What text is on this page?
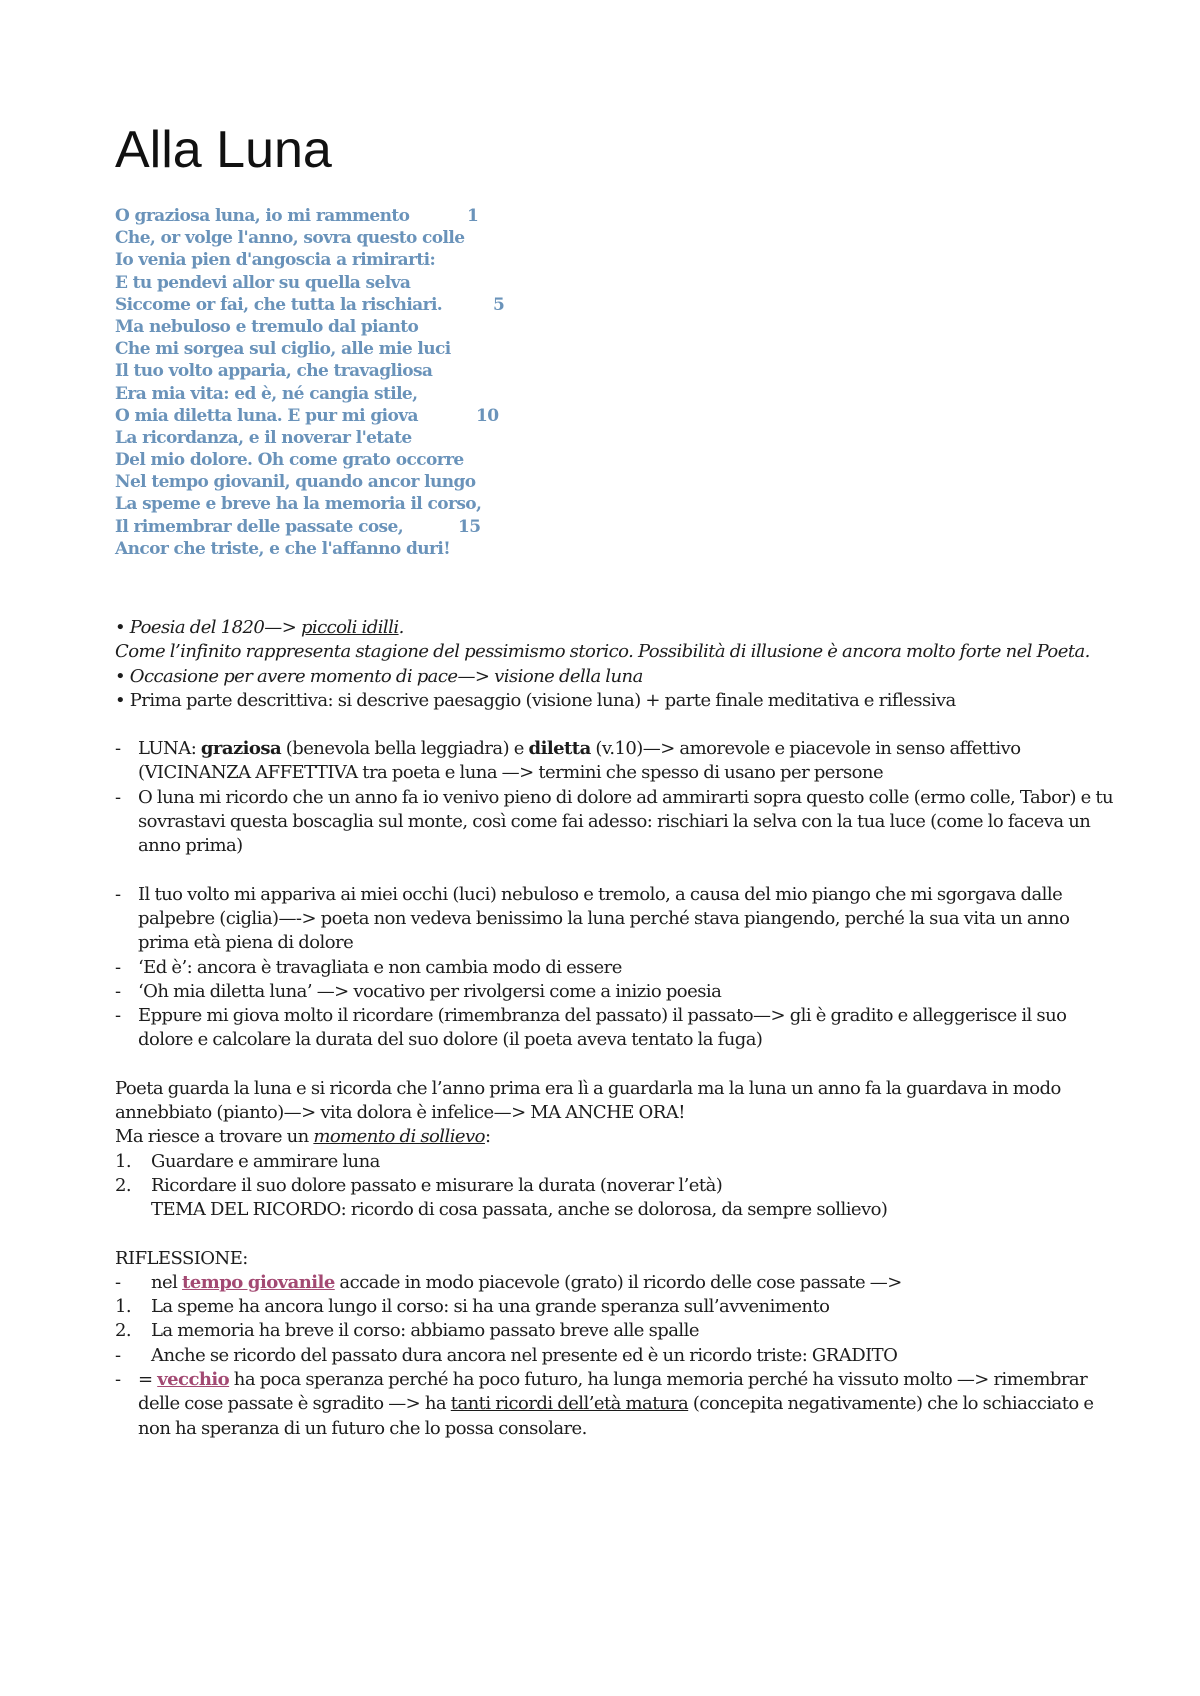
Alla Luna
O graziosa luna, io mi rammento	1
Che, or volge l'anno, sovra questo colle
Io venia pien d'angoscia a rimirarti:
E tu pendevi allor su quella selva
Siccome or fai, che tutta la rischiari.	5
Ma nebuloso e tremulo dal pianto
Che mi sorgea sul ciglio, alle mie luci
Il tuo volto apparia, che travagliosa
Era mia vita: ed è, né cangia stile,
O mia diletta luna. E pur mi giova	10
La ricordanza, e il noverar l'etate
Del mio dolore. Oh come grato occorre
Nel tempo giovanil, quando ancor lungo
La speme e breve ha la memoria il corso,
Il rimembrar delle passate cose,	15
Ancor che triste, e che l'affanno duri!

• Poesia del 1820—> piccoli idilli.

Come l’infinito rappresenta stagione del pessimismo storico. Possibilità di illusione è ancora molto forte nel Poeta.

• Occasione per avere momento di pace—> visione della luna

• Prima parte descrittiva: si descrive paesaggio (visione luna) + parte finale meditativa e riflessiva

- LUNA: graziosa (benevola bella leggiadra) e diletta (v.10)—> amorevole e piacevole in senso affettivo (VICINANZA AFFETTIVA tra poeta e luna —> termini che spesso di usano per persone
- O luna mi ricordo che un anno fa io venivo pieno di dolore ad ammirarti sopra questo colle (ermo colle, Tabor) e tu sovrastavi questa boscaglia sul monte, così come fai adesso: rischiari la selva con la tua luce (come lo faceva un anno prima)
- Il tuo volto mi appariva ai miei occhi (luci) nebuloso e tremolo, a causa del mio piango che mi sgorgava dalle palpebre (ciglia)—-> poeta non vedeva benissimo la luna perché stava piangendo, perché la sua vita un anno prima età piena di dolore
- ‘Ed è’: ancora è travagliata e non cambia modo di essere
- ‘Oh mia diletta luna’ —> vocativo per rivolgersi come a inizio poesia
- Eppure mi giova molto il ricordare (rimembranza del passato) il passato—> gli è gradito e alleggerisce il suo dolore e calcolare la durata del suo dolore (il poeta aveva tentato la fuga)

Poeta guarda la luna e si ricorda che l’anno prima era lì a guardarla ma la luna un anno fa la guardava in modo annebbiato (pianto)—> vita dolora è infelice—> MA ANCHE ORA!

Ma riesce a trovare un momento di sollievo:

1. Guardare e ammirare luna
2. Ricordare il suo dolore passato e misurare la durata (noverar l’età)
TEMA DEL RICORDO: ricordo di cosa passata, anche se dolorosa, da sempre sollievo)

RIFLESSIONE:

- nel tempo giovanile accade in modo piacevole (grato) il ricordo delle cose passate —>
1. La speme ha ancora lungo il corso: si ha una grande speranza sull’avvenimento
2. La memoria ha breve il corso: abbiamo passato breve alle spalle
- Anche se ricordo del passato dura ancora nel presente ed è un ricordo triste: GRADITO
- = vecchio ha poca speranza perché ha poco futuro, ha lunga memoria perché ha vissuto molto —> rimembrar delle cose passate è sgradito —> ha tanti ricordi dell’età matura (concepita negativamente) che lo schiacciato e non ha speranza di un futuro che lo possa consolare.
